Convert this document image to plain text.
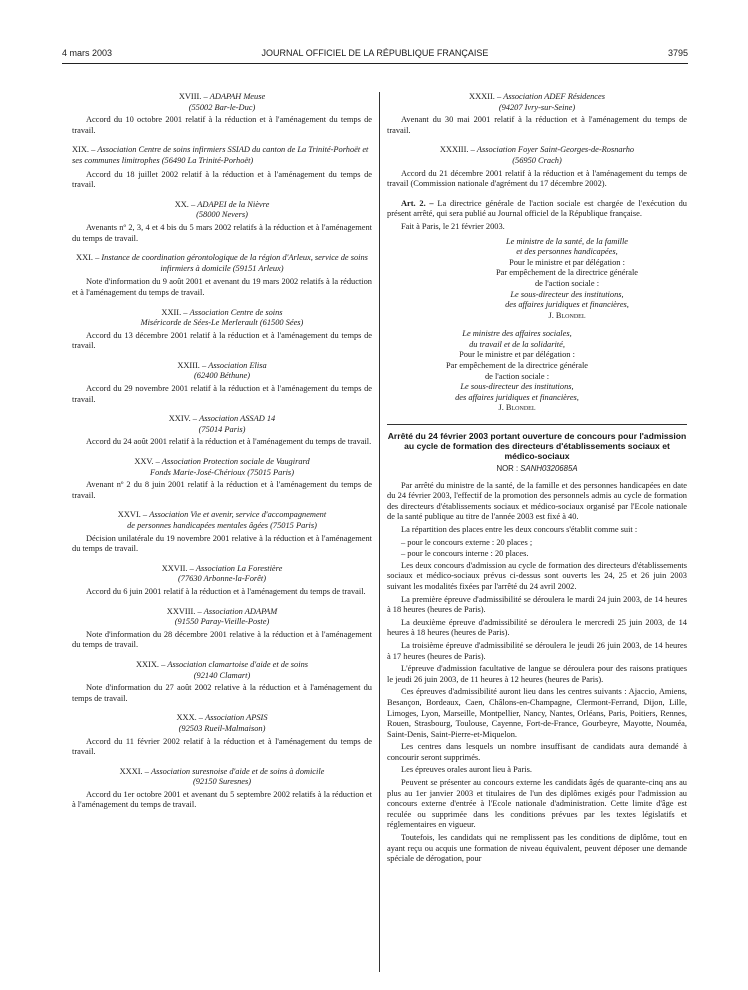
4 mars 2003	JOURNAL OFFICIEL DE LA RÉPUBLIQUE FRANÇAISE	3795

XVIII. – ADAPAH Meuse

(55002 Bar-le-Duc)

Accord du 10 octobre 2001 relatif à la réduction et à l'aménagement du temps de travail.

XIX. – Association Centre de soins infirmiers SSIAD du canton de La Trinité-Porhoët et ses communes limitrophes (56490 La Trinité-Porhoët)

Accord du 18 juillet 2002 relatif à la réduction et à l'aménagement du temps de travail.

XX. – ADAPEI de la Nièvre

(58000 Nevers)

Avenants nº 2, 3, 4 et 4 bis du 5 mars 2002 relatifs à la réduction et à l'aménagement du temps de travail.

XXI. – Instance de coordination gérontologique de la région d'Arleux, service de soins infirmiers à domicile (59151 Arleux)

Note d'information du 9 août 2001 et avenant du 19 mars 2002 relatifs à la réduction et à l'aménagement du temps de travail.

XXII. – Association Centre de soins

Miséricorde de Sées-Le Merlerault (61500 Sées)

Accord du 13 décembre 2001 relatif à la réduction et à l'aménagement du temps de travail.

XXIII. – Association Elisa

(62400 Béthune)

Accord du 29 novembre 2001 relatif à la réduction et à l'aménagement du temps de travail.

XXIV. – Association ASSAD 14

(75014 Paris)

Accord du 24 août 2001 relatif à la réduction et à l'aménagement du temps de travail.

XXV. – Association Protection sociale de Vaugirard

Fonds Marie-José-Chérioux (75015 Paris)

Avenant nº 2 du 8 juin 2001 relatif à la réduction et à l'aménagement du temps de travail.

XXVI. – Association Vie et avenir, service d'accompagnement

de personnes handicapées mentales âgées (75015 Paris)

Décision unilatérale du 19 novembre 2001 relative à la réduction et à l'aménagement du temps de travail.

XXVII. – Association La Forestière

(77630 Arbonne-la-Forêt)

Accord du 6 juin 2001 relatif à la réduction et à l'aménagement du temps de travail.

XXVIII. – Association ADAPAM

(91550 Paray-Vieille-Poste)

Note d'information du 28 décembre 2001 relative à la réduction et à l'aménagement du temps de travail.

XXIX. – Association clamartoise d'aide et de soins

(92140 Clamart)

Note d'information du 27 août 2002 relative à la réduction et à l'aménagement du temps de travail.

XXX. – Association APSIS

(92503 Rueil-Malmaison)

Accord du 11 février 2002 relatif à la réduction et à l'aménagement du temps de travail.

XXXI. – Association suresnoise d'aide et de soins à domicile

(92150 Suresnes)

Accord du 1er octobre 2001 et avenant du 5 septembre 2002 relatifs à la réduction et à l'aménagement du temps de travail.

XXXII. – Association ADEF Résidences

(94207 Ivry-sur-Seine)

Avenant du 30 mai 2001 relatif à la réduction et à l'aménagement du temps de travail.

XXXIII. – Association Foyer Saint-Georges-de-Rosnarho

(56950 Crach)

Accord du 21 décembre 2001 relatif à la réduction et à l'aménagement du temps de travail (Commission nationale d'agrément du 17 décembre 2002).

Art. 2. – La directrice générale de l'action sociale est chargée de l'exécution du présent arrêté, qui sera publié au Journal officiel de la République française.

Fait à Paris, le 21 février 2003.

Le ministre de la santé, de la famille

et des personnes handicapées,

Pour le ministre et par délégation :

Par empêchement de la directrice générale

de l'action sociale :

Le sous-directeur des institutions,

des affaires juridiques et financières,

J. Blondel

Le ministre des affaires sociales,

du travail et de la solidarité,

Pour le ministre et par délégation :

Par empêchement de la directrice générale

de l'action sociale :

Le sous-directeur des institutions,

des affaires juridiques et financières,

J. Blondel

Arrêté du 24 février 2003 portant ouverture de concours pour l'admission au cycle de formation des directeurs d'établissements sociaux et médico-sociaux

NOR : SANH0320685A

Par arrêté du ministre de la santé, de la famille et des personnes handicapées en date du 24 février 2003, l'effectif de la promotion des personnels admis au cycle de formation des directeurs d'établissements sociaux et médico-sociaux organisé par l'Ecole nationale de la santé publique au titre de l'année 2003 est fixé à 40.

La répartition des places entre les deux concours s'établit comme suit :

– pour le concours externe : 20 places ;

– pour le concours interne : 20 places.

Les deux concours d'admission au cycle de formation des directeurs d'établissements sociaux et médico-sociaux prévus ci-dessus sont ouverts les 24, 25 et 26 juin 2003 suivant les modalités fixées par l'arrêté du 24 avril 2002.

La première épreuve d'admissibilité se déroulera le mardi 24 juin 2003, de 14 heures à 18 heures (heures de Paris).

La deuxième épreuve d'admissibilité se déroulera le mercredi 25 juin 2003, de 14 heures à 18 heures (heures de Paris).

La troisième épreuve d'admissibilité se déroulera le jeudi 26 juin 2003, de 14 heures à 17 heures (heures de Paris).

L'épreuve d'admission facultative de langue se déroulera pour des raisons pratiques le jeudi 26 juin 2003, de 11 heures à 12 heures (heures de Paris).

Ces épreuves d'admissibilité auront lieu dans les centres suivants : Ajaccio, Amiens, Besançon, Bordeaux, Caen, Châlons-en-Champagne, Clermont-Ferrand, Dijon, Lille, Limoges, Lyon, Marseille, Montpellier, Nancy, Nantes, Orléans, Paris, Poitiers, Rennes, Rouen, Strasbourg, Toulouse, Cayenne, Fort-de-France, Gourbeyre, Mayotte, Nouméa, Saint-Denis, Saint-Pierre-et-Miquelon.

Les centres dans lesquels un nombre insuffisant de candidats aura demandé à concourir seront supprimés.

Les épreuves orales auront lieu à Paris.

Peuvent se présenter au concours externe les candidats âgés de quarante-cinq ans au plus au 1er janvier 2003 et titulaires de l'un des diplômes exigés pour l'admission au concours externe d'entrée à l'Ecole nationale d'administration. Cette limite d'âge est reculée ou supprimée dans les conditions prévues par les textes législatifs et réglementaires en vigueur.

Toutefois, les candidats qui ne remplissent pas les conditions de diplôme, tout en ayant reçu ou acquis une formation de niveau équivalent, peuvent déposer une demande spéciale de dérogation, pour
